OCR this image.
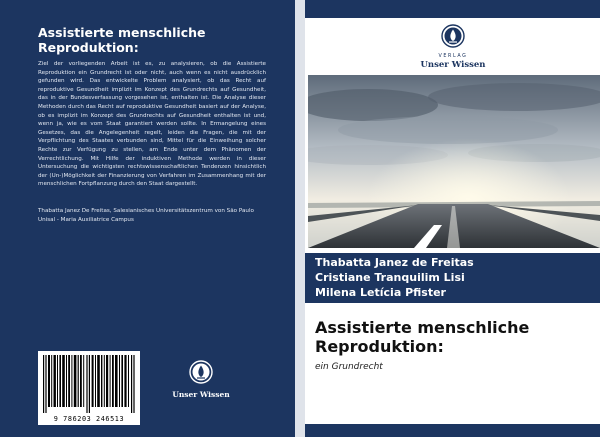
Assistierte menschliche Reproduktion:
Ziel der vorliegenden Arbeit ist es, zu analysieren, ob die Assistierte Reproduktion ein Grundrecht ist oder nicht, auch wenn es nicht ausdrücklich gefunden wird. Das entwickelte Problem analysiert, ob das Recht auf reproduktive Gesundheit implizit im Konzept des Grundrechts auf Gesundheit, das in der Bundesverfassung vorgesehen ist, enthalten ist. Die Analyse dieser Methoden durch das Recht auf reproduktive Gesundheit basiert auf der Analyse, ob es implizit im Konzept des Grundrechts auf Gesundheit enthalten ist und, wenn ja, wie es vom Staat garantiert werden sollte. In Ermangelung eines Gesetzes, das die Angelegenheit regelt, leiden die Fragen, die mit der Verpflichtung des Staates verbunden sind, Mittel für die Einweihung solcher Rechte zur Verfügung zu stellen, am Ende unter dem Phänomen der Verrechtlichung. Mit Hilfe der induktiven Methode werden in dieser Untersuchung die wichtigsten rechtswissenschaftlichen Tendenzen hinsichtlich der (Un-)Möglichkeit der Finanzierung von Verfahren im Zusammenhang mit der menschlichen Fortpflanzung durch den Staat dargestellt.
Thabatta Janez De Freitas, Salesianisches Universitätszentrum von São Paulo Unisal - Maria Auxiliatrice Campus
9 786203 246513
Unser Wissen
VERLAG
Unser Wissen
Thabatta Janez de Freitas
Cristiane Tranquilim Lisi
Milena Letícia Pfister
Assistierte menschliche Reproduktion:
ein Grundrecht
